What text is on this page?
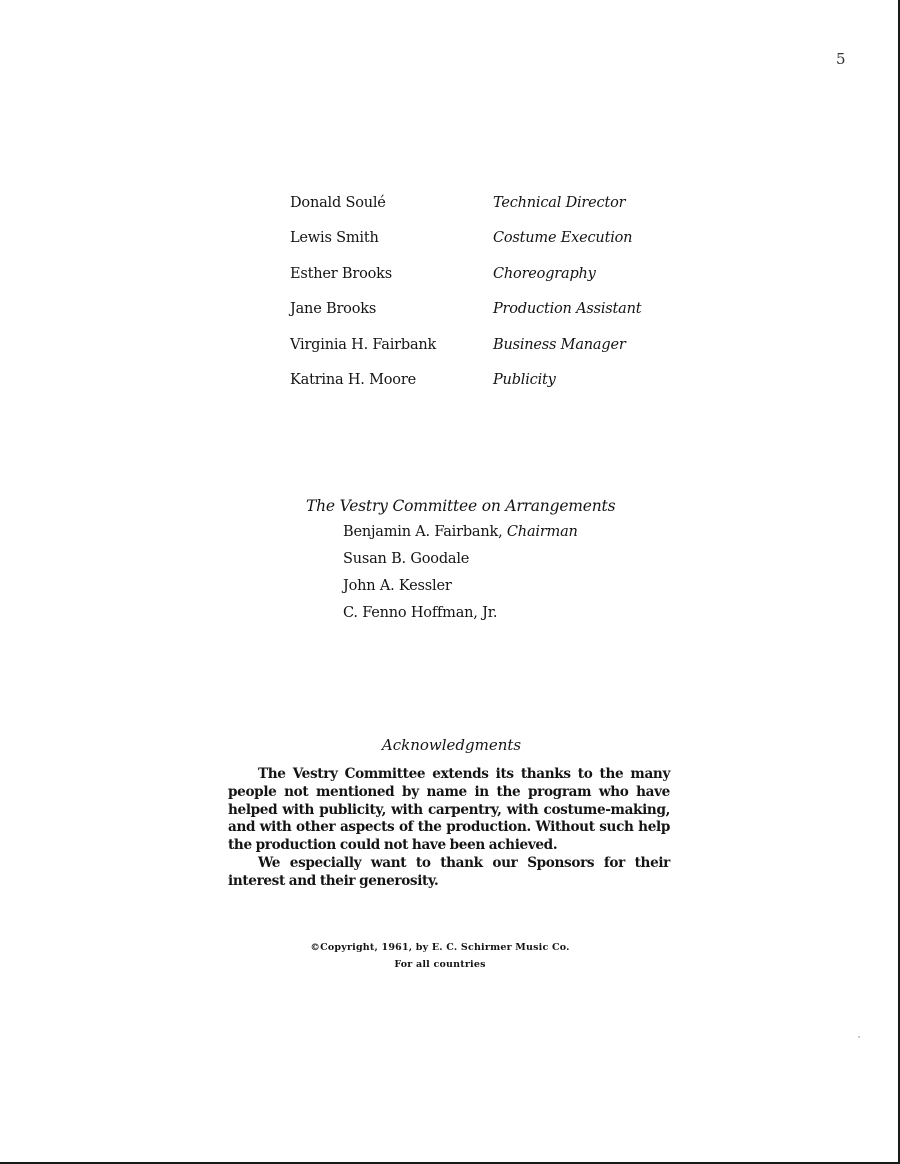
5
Donald Soulé	Technical Director
Lewis Smith	Costume Execution
Esther Brooks	Choreography
Jane Brooks	Production Assistant
Virginia H. Fairbank	Business Manager
Katrina H. Moore	Publicity
The Vestry Committee on Arrangements
Benjamin A. Fairbank, Chairman
Susan B. Goodale
John A. Kessler
C. Fenno Hoffman, Jr.
Acknowledgments

The Vestry Committee extends its thanks to the many people not mentioned by name in the program who have helped with publicity, with carpentry, with costume-making, and with other aspects of the production. Without such help the production could not have been achieved.

We especially want to thank our Sponsors for their interest and their generosity.

©Copyright, 1961, by E. C. Schirmer Music Co.
For all countries
